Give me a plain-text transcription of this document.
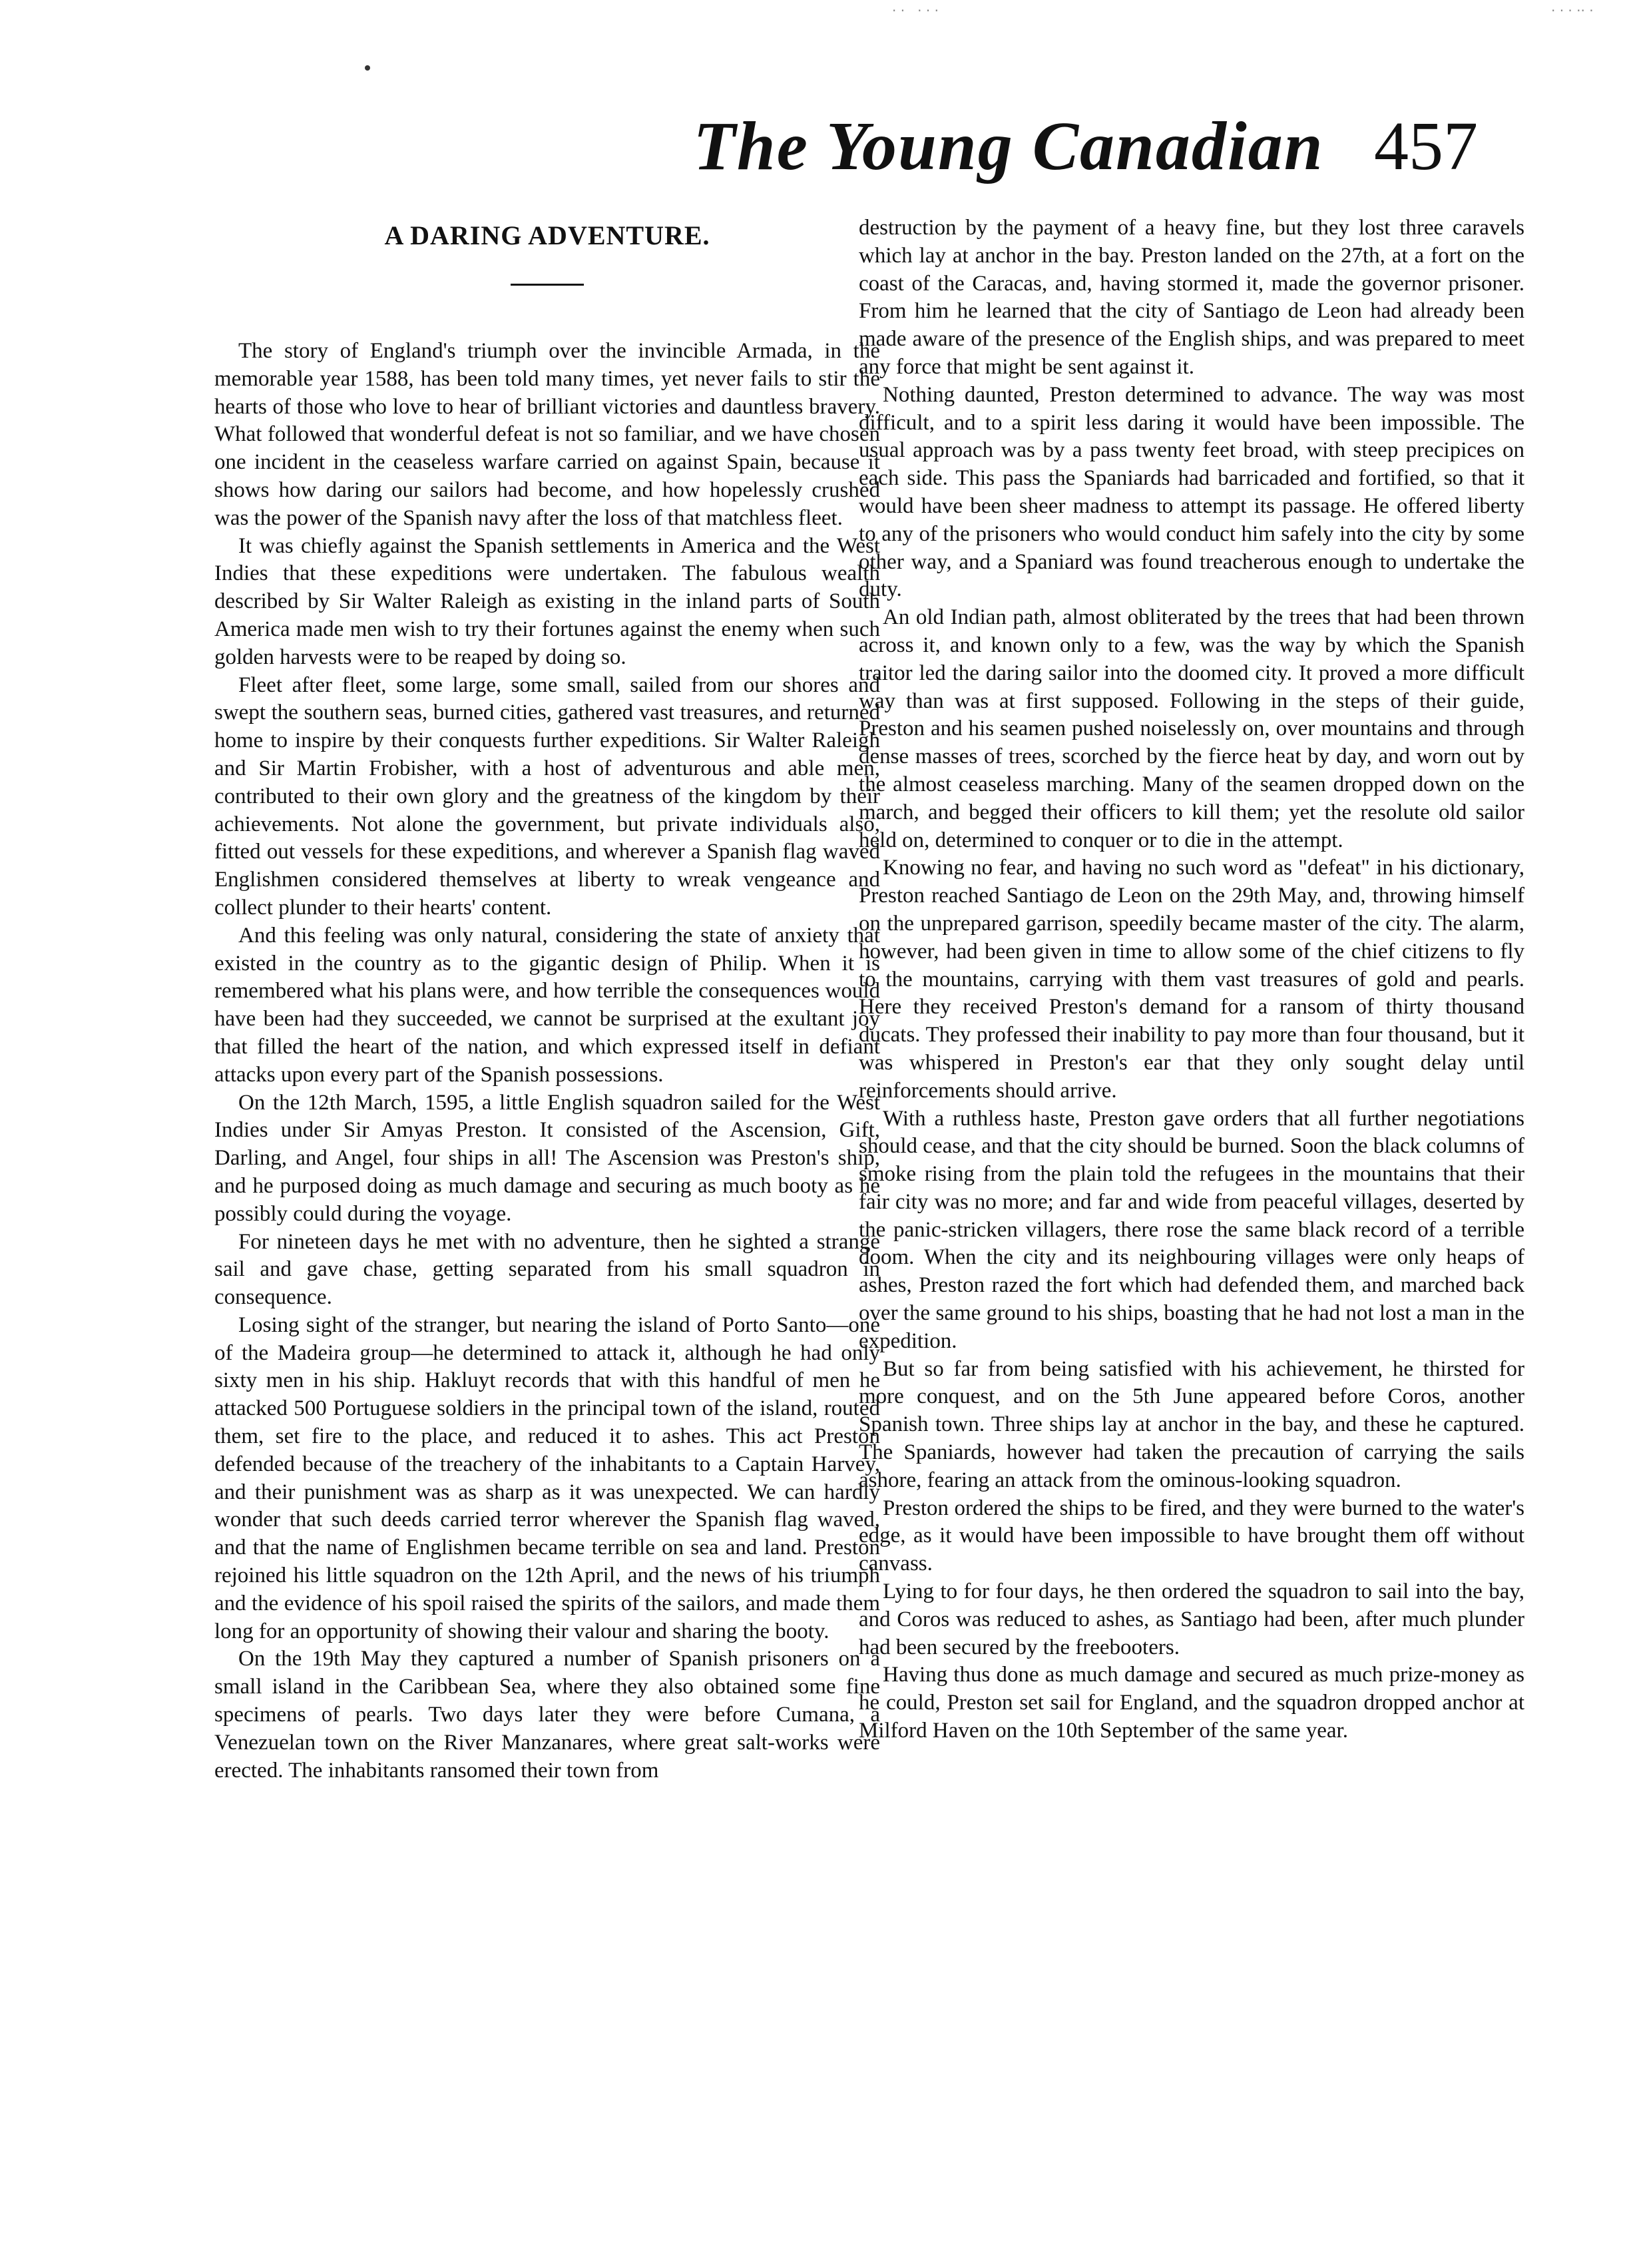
· ·   · · ·	· · · ·· ·
The Young Canadian 457
A DARING ADVENTURE.

The story of England's triumph over the invincible Armada, in the memorable year 1588, has been told many times, yet never fails to stir the hearts of those who love to hear of brilliant victories and dauntless bravery. What followed that wonderful defeat is not so familiar, and we have chosen one incident in the ceaseless warfare carried on against Spain, because it shows how daring our sailors had become, and how hopelessly crushed was the power of the Spanish navy after the loss of that matchless fleet.

It was chiefly against the Spanish settlements in America and the West Indies that these expeditions were undertaken. The fabulous wealth described by Sir Walter Raleigh as existing in the inland parts of South America made men wish to try their fortunes against the enemy when such golden harvests were to be reaped by doing so.

Fleet after fleet, some large, some small, sailed from our shores and swept the southern seas, burned cities, gathered vast treasures, and returned home to inspire by their conquests further expeditions. Sir Walter Raleigh and Sir Martin Frobisher, with a host of adventurous and able men, contributed to their own glory and the greatness of the kingdom by their achievements. Not alone the government, but private individuals also, fitted out vessels for these expeditions, and wherever a Spanish flag waved Englishmen considered themselves at liberty to wreak vengeance and collect plunder to their hearts' content.

And this feeling was only natural, considering the state of anxiety that existed in the country as to the gigantic design of Philip. When it is remembered what his plans were, and how terrible the consequences would have been had they succeeded, we cannot be surprised at the exultant joy that filled the heart of the nation, and which expressed itself in defiant attacks upon every part of the Spanish possessions.

On the 12th March, 1595, a little English squadron sailed for the West Indies under Sir Amyas Preston. It consisted of the Ascension, Gift, Darling, and Angel, four ships in all! The Ascension was Preston's ship, and he purposed doing as much damage and securing as much booty as he possibly could during the voyage.

For nineteen days he met with no adventure, then he sighted a strange sail and gave chase, getting separated from his small squadron in consequence.

Losing sight of the stranger, but nearing the island of Porto Santo—one of the Madeira group—he determined to attack it, although he had only sixty men in his ship. Hakluyt records that with this handful of men he attacked 500 Portuguese soldiers in the principal town of the island, routed them, set fire to the place, and reduced it to ashes. This act Preston defended because of the treachery of the inhabitants to a Captain Harvey, and their punishment was as sharp as it was unexpected. We can hardly wonder that such deeds carried terror wherever the Spanish flag waved, and that the name of Englishmen became terrible on sea and land. Preston rejoined his little squadron on the 12th April, and the news of his triumph and the evidence of his spoil raised the spirits of the sailors, and made them long for an opportunity of showing their valour and sharing the booty.

On the 19th May they captured a number of Spanish prisoners on a small island in the Caribbean Sea, where they also obtained some fine specimens of pearls. Two days later they were before Cumana, a Venezuelan town on the River Manzanares, where great salt-works were erected. The inhabitants ransomed their town from

destruction by the payment of a heavy fine, but they lost three caravels which lay at anchor in the bay. Preston landed on the 27th, at a fort on the coast of the Caracas, and, having stormed it, made the governor prisoner. From him he learned that the city of Santiago de Leon had already been made aware of the presence of the English ships, and was prepared to meet any force that might be sent against it.

Nothing daunted, Preston determined to advance. The way was most difficult, and to a spirit less daring it would have been impossible. The usual approach was by a pass twenty feet broad, with steep precipices on each side. This pass the Spaniards had barricaded and fortified, so that it would have been sheer madness to attempt its passage. He offered liberty to any of the prisoners who would conduct him safely into the city by some other way, and a Spaniard was found treacherous enough to undertake the duty.

An old Indian path, almost obliterated by the trees that had been thrown across it, and known only to a few, was the way by which the Spanish traitor led the daring sailor into the doomed city. It proved a more difficult way than was at first supposed. Following in the steps of their guide, Preston and his seamen pushed noiselessly on, over mountains and through dense masses of trees, scorched by the fierce heat by day, and worn out by the almost ceaseless marching. Many of the seamen dropped down on the march, and begged their officers to kill them; yet the resolute old sailor held on, determined to conquer or to die in the attempt.

Knowing no fear, and having no such word as "defeat" in his dictionary, Preston reached Santiago de Leon on the 29th May, and, throwing himself on the unprepared garrison, speedily became master of the city. The alarm, however, had been given in time to allow some of the chief citizens to fly to the mountains, carrying with them vast treasures of gold and pearls. Here they received Preston's demand for a ransom of thirty thousand ducats. They professed their inability to pay more than four thousand, but it was whispered in Preston's ear that they only sought delay until reinforcements should arrive.

With a ruthless haste, Preston gave orders that all further negotiations should cease, and that the city should be burned. Soon the black columns of smoke rising from the plain told the refugees in the mountains that their fair city was no more; and far and wide from peaceful villages, deserted by the panic-stricken villagers, there rose the same black record of a terrible doom. When the city and its neighbouring villages were only heaps of ashes, Preston razed the fort which had defended them, and marched back over the same ground to his ships, boasting that he had not lost a man in the expedition.

But so far from being satisfied with his achievement, he thirsted for more conquest, and on the 5th June appeared before Coros, another Spanish town. Three ships lay at anchor in the bay, and these he captured. The Spaniards, however had taken the precaution of carrying the sails ashore, fearing an attack from the ominous-looking squadron.

Preston ordered the ships to be fired, and they were burned to the water's edge, as it would have been impossible to have brought them off without canvass.

Lying to for four days, he then ordered the squadron to sail into the bay, and Coros was reduced to ashes, as Santiago had been, after much plunder had been secured by the freebooters.

Having thus done as much damage and secured as much prize-money as he could, Preston set sail for England, and the squadron dropped anchor at Milford Haven on the 10th September of the same year.
